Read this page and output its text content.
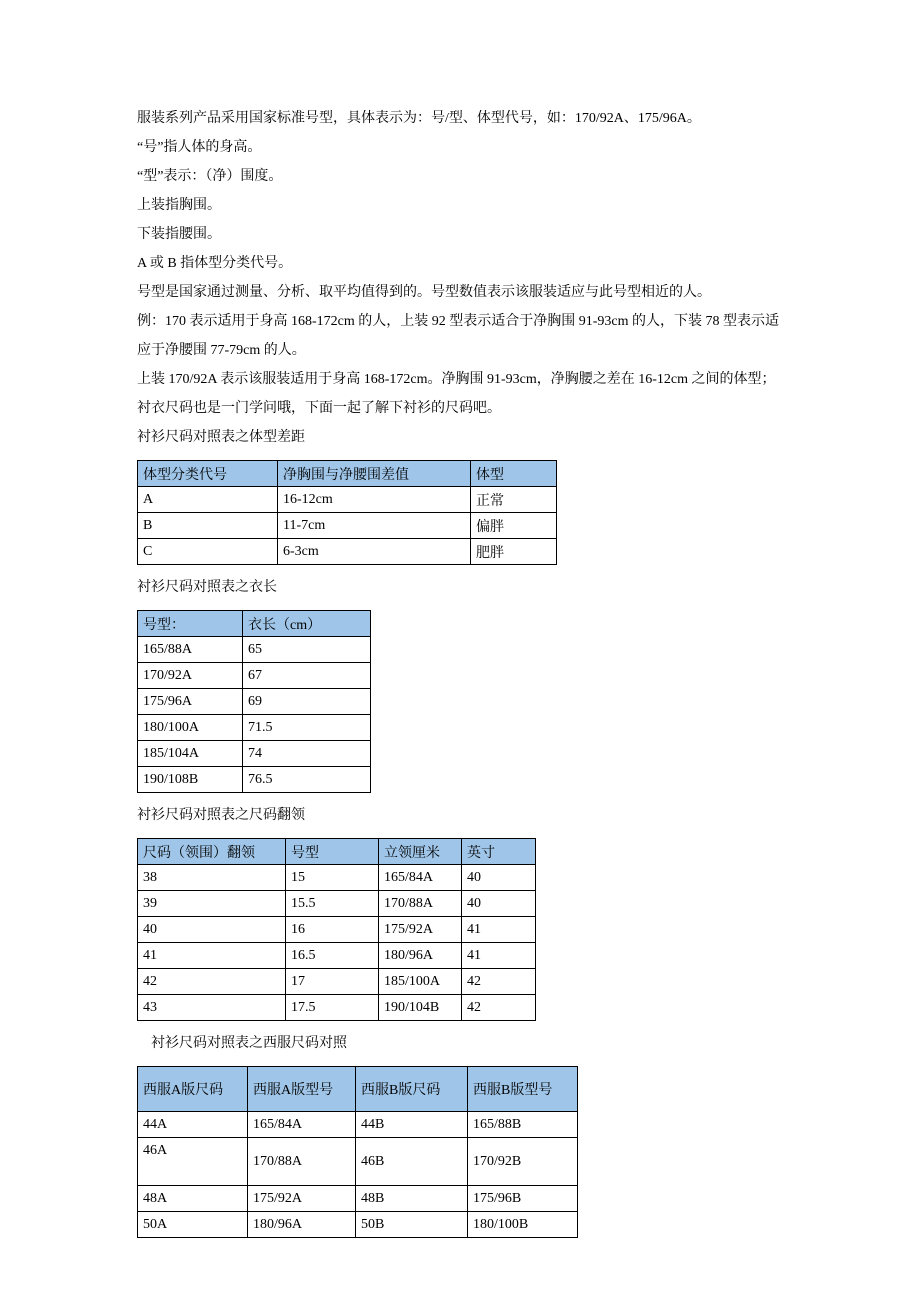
服装系列产品采用国家标准号型，具体表示为：号/型、体型代号，如：170/92A、175/96A。

“号”指人体的身高。

“型”表示：（净）围度。

上装指胸围。

下装指腰围。

A 或 B 指体型分类代号。

号型是国家通过测量、分析、取平均值得到的。号型数值表示该服装适应与此号型相近的人。

例：170 表示适用于身高 168-172cm 的人，上装 92 型表示适合于净胸围 91-93cm 的人，下装 78 型表示适应于净腰围 77-79cm 的人。

上装 170/92A 表示该服装适用于身高 168-172cm。净胸围 91-93cm，净胸腰之差在 16-12cm 之间的体型；

衬衣尺码也是一门学问哦，下面一起了解下衬衫的尺码吧。

衬衫尺码对照表之体型差距

体型分类代号	净胸围与净腰围差值	体型
A	16-12cm	正常
B	11-7cm	偏胖
C	6-3cm	肥胖

衬衫尺码对照表之衣长

号型：	衣长（cm）
165/88A	65
170/92A	67
175/96A	69
180/100A	71.5
185/104A	74
190/108B	76.5

衬衫尺码对照表之尺码翻领

尺码（领围）翻领	号型	立领厘米	英寸
38	15	165/84A	40
39	15.5	170/88A	40
40	16	175/92A	41
41	16.5	180/96A	41
42	17	185/100A	42
43	17.5	190/104B	42

衬衫尺码对照表之西服尺码对照

西服A版尺码	西服A版型号	西服B版尺码	西服B版型号
44A	165/84A	44B	165/88B
46A	170/88A	46B	170/92B
48A	175/92A	48B	175/96B
50A	180/96A	50B	180/100B
